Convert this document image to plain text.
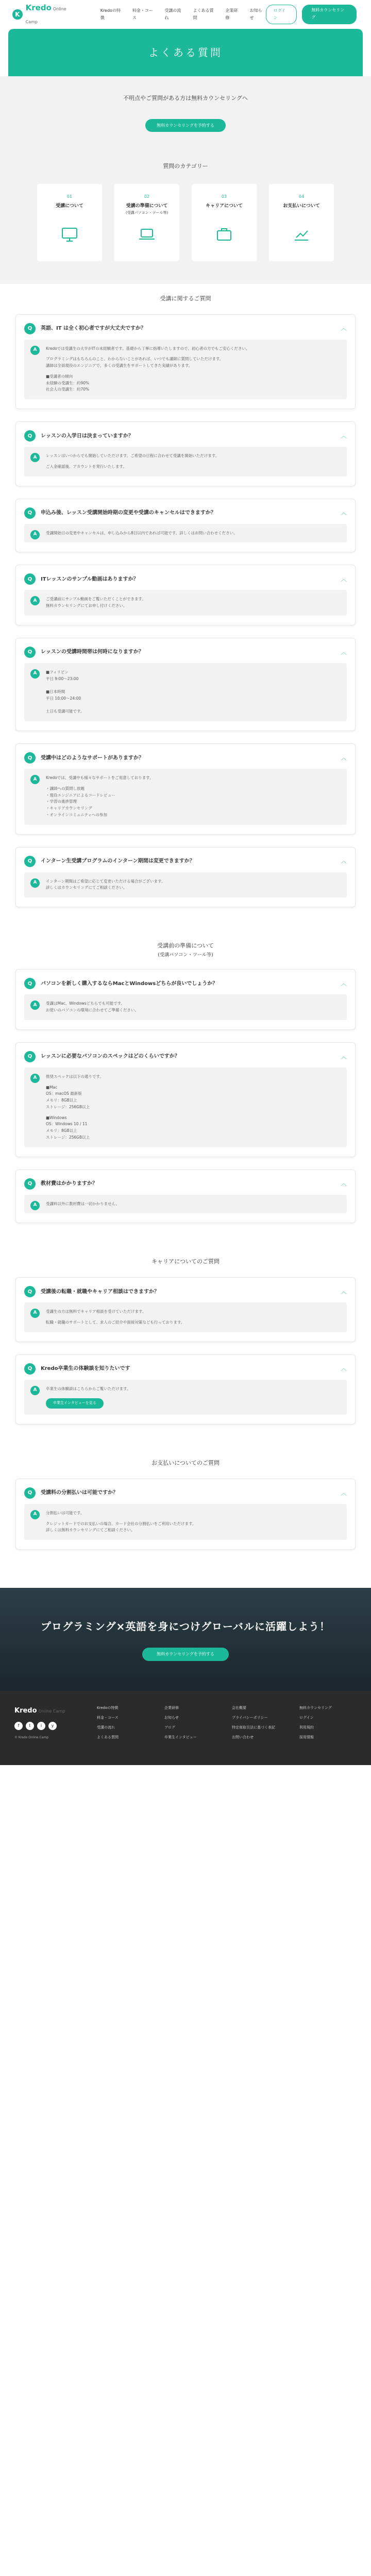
K
Kredo Online Camp
Kredoの特徴
料金・コース
受講の流れ
よくある質問
企業研修
お知らせ
ログイン
無料カウンセリング
よくある質問

不明点やご質問がある方は無料カウンセリングへ

無料カウンセリングを予約する
質問のカテゴリー
01
受講について
02
受講の準備について
(受講パソコン・ツール等)
03
キャリアについて
04
お支払いについて
受講に関するご質問
Q	英語、IT は全く初心者ですが大丈夫ですか？	︿
A	Kredoでは受講生の大半がITの未経験者です。基礎から丁寧に指導いたしますので、初心者の方でもご安心ください。

プログラミングはもちろんのこと、わからないことがあれば、いつでも講師に質問していただけます。
講師は全員現役のエンジニアで、多くの受講生をサポートしてきた実績があります。

■受講者の傾向
未経験の受講生：約90%
社会人の受講生：約70%

Q	レッスンの入学日は決まっていますか？	︿
A	レッスンはいつからでも開始していただけます。ご希望の日程に合わせて受講を開始いただけます。

ご入金確認後、アカウントを発行いたします。

Q	申込み後、レッスン受講開始時期の変更や受講のキャンセルはできますか？	︿
A	受講開始日の変更やキャンセルは、申し込みから8日以内であれば可能です。詳しくはお問い合わせください。

Q	ITレッスンのサンプル動画はありますか？	︿
A	ご受講前にサンプル動画をご覧いただくことができます。
無料カウンセリングにてお申し付けください。

Q	レッスンの受講時間帯は何時になりますか？	︿
A	■フィリピン
平日 9:00〜23:00

■日本時間
平日 10:00〜24:00

土日も受講可能です。

Q	受講中はどのようなサポートがありますか？	︿
A	Kredoでは、受講中も様々なサポートをご用意しております。

・講師への質問し放題
・現役エンジニアによるコードレビュー
・学習の進捗管理
・キャリアカウンセリング
・オンラインコミュニティへの参加

Q	インターン生受講プログラムのインターン期間は変更できますか？	︿
A	インターン期間はご希望に応じて変更いただける場合がございます。
詳しくはカウンセリングにてご相談ください。

受講前の準備について
(受講パソコン・ツール等)
Q	パソコンを新しく購入するならMacとWindowsどちらが良いでしょうか？	︿
A	受講はMac、Windowsどちらでも可能です。
お使いのパソコンの環境に合わせてご準備ください。

Q	レッスンに必要なパソコンのスペックはどのくらいですか？	︿
A	推奨スペックは以下の通りです。

■Mac
OS：macOS 最新版
メモリ：8GB以上
ストレージ：256GB以上

■Windows
OS：Windows 10 / 11
メモリ：8GB以上
ストレージ：256GB以上

Q	教材費はかかりますか？	︿
A	受講料以外に教材費は一切かかりません。

キャリアについてのご質問
Q	受講後の転職・就職やキャリア相談はできますか？	︿
A	受講生の方は無料でキャリア相談を受けていただけます。

転職・就職のサポートとして、求人のご紹介や面接対策なども行っております。

Q	Kredo卒業生の体験談を知りたいです	︿
A	卒業生の体験談はこちらからご覧いただけます。

卒業生インタビューを見る
お支払いについてのご質問
Q	受講料の分割払いは可能ですか？	︿
A	分割払いは可能です。

クレジットカードでのお支払いの場合、カード会社の分割払いをご利用いただけます。
詳しくは無料カウンセリングにてご相談ください。

プログラミング×英語を身につけグローバルに活躍しよう！
無料カウンセリングを予約する
Kredo Online Camp
f	t	i	y

© Kredo Online Camp

Kredoの特徴
料金・コース
受講の流れ
よくある質問
企業研修
お知らせ
ブログ
卒業生インタビュー
会社概要
プライバシーポリシー
特定商取引法に基づく表記
お問い合わせ
無料カウンセリング
ログイン
利用規約
採用情報
